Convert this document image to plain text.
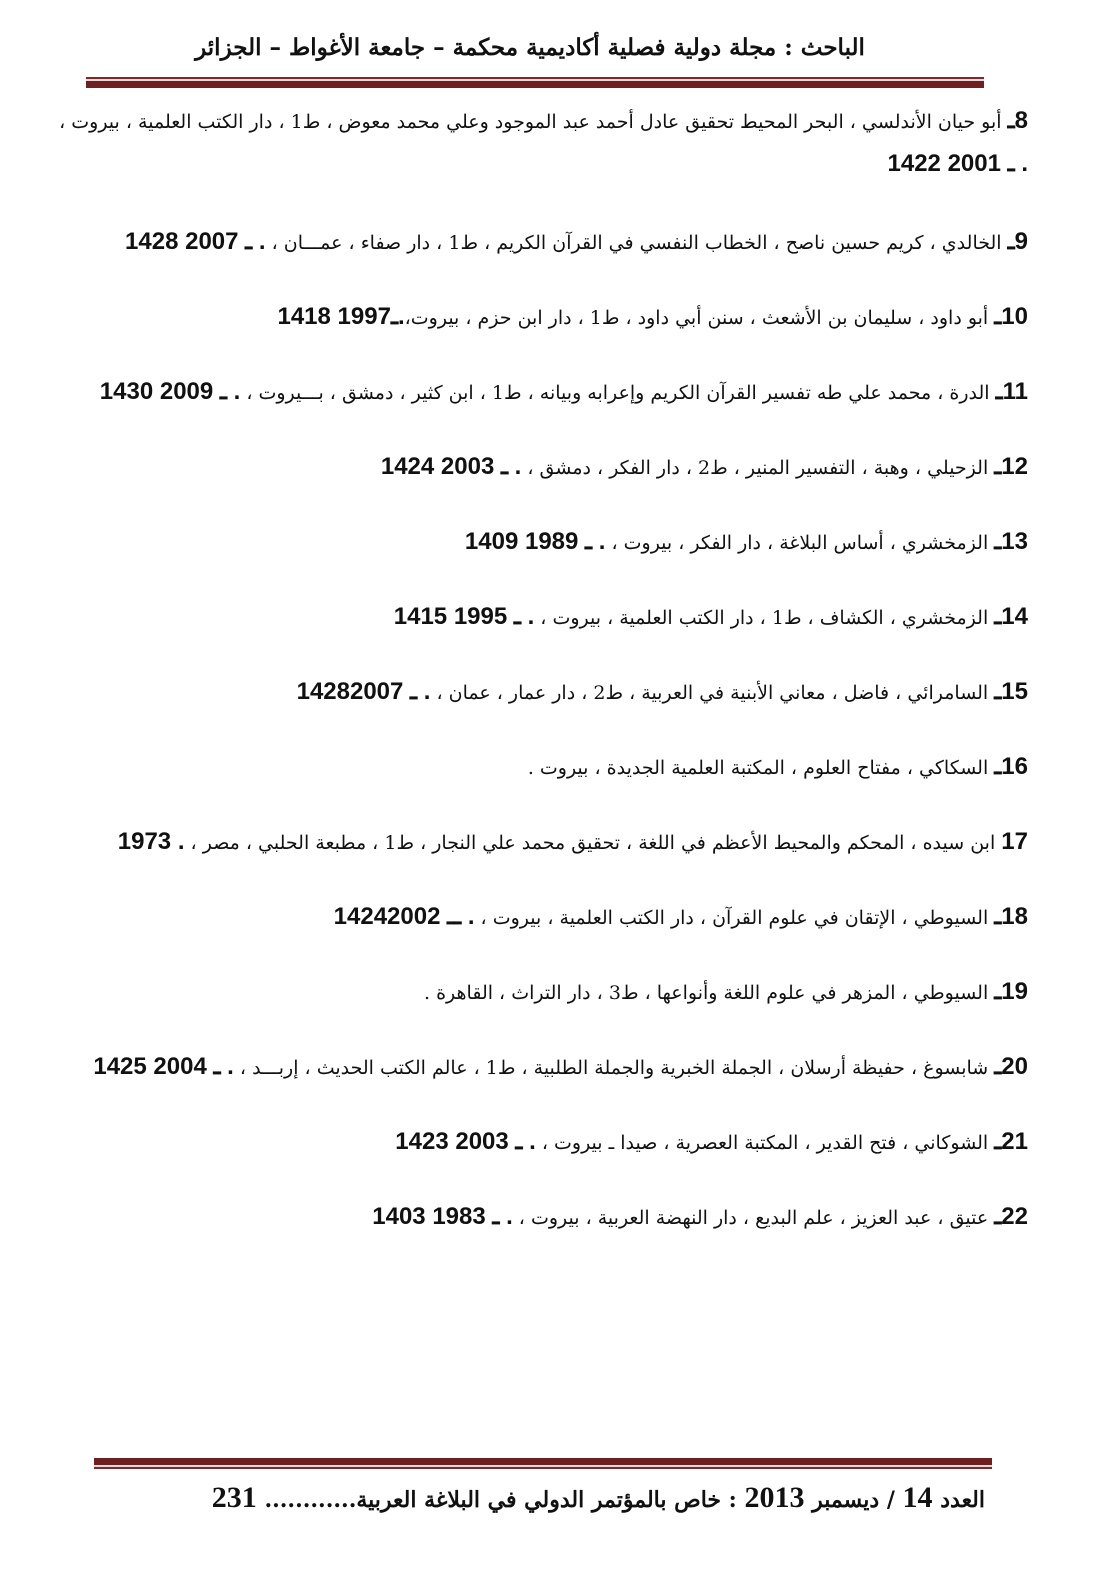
الباحث : مجلة دولية فصلية أكاديمية محكمة – جامعة الأغواط – الجزائر

8ـ أبو حيان الأندلسي ، البحر المحيط تحقيق عادل أحمد عبد الموجود وعلي محمد معوض ، ط1 ، دار الكتب العلمية ، بيروت ، 1422 ـ 2001 .

9ـ الخالدي ، كريم حسين ناصح ، الخطاب النفسي في القرآن الكريم ، ط1 ، دار صفاء ، عمـــان ، 1428 ـ 2007 .

10ـ أبو داود ، سليمان بن الأشعث ، سنن أبي داود ، ط1 ، دار ابن حزم ، بيروت،1418 ـ1997.

11ـ الدرة ، محمد علي طه تفسير القرآن الكريم وإعرابه وبيانه ، ط1 ، ابن كثير ، دمشق ، بـــيروت ، 1430 ـ 2009 .

12ـ الزحيلي ، وهبة ، التفسير المنير ، ط2 ، دار الفكر ، دمشق ، 1424 ـ 2003 .

13ـ الزمخشري ، أساس البلاغة ، دار الفكر ، بيروت ، 1409 ـ 1989 .

14ـ الزمخشري ، الكشاف ، ط1 ، دار الكتب العلمية ، بيروت ، 1415 ـ 1995 .

15ـ السامرائي ، فاضل ، معاني الأبنية في العربية ، ط2 ، دار عمار ، عمان ، 1428ـ 2007 .

16ـ السكاكي ، مفتاح العلوم ، المكتبة العلمية الجديدة ، بيروت .

17 ابن سيده ، المحكم والمحيط الأعظم في اللغة ، تحقيق محمد علي النجار ، ط1 ، مطبعة الحلبي ، مصر ، 1973 .

18ـ السيوطي ، الإتقان في علوم القرآن ، دار الكتب العلمية ، بيروت ، 1424ــ 2002 .

19ـ السيوطي ، المزهر في علوم اللغة وأنواعها ، ط3 ، دار التراث ، القاهرة .

20ـ شابسوغ ، حفيظة أرسلان ، الجملة الخبرية والجملة الطلبية ، ط1 ، عالم الكتب الحديث ، إربـــد ، 1425 ـ 2004 .

21ـ الشوكاني ، فتح القدير ، المكتبة العصرية ، صيدا ـ بيروت ، 1423 ـ 2003 .

22ـ عتيق ، عبد العزيز ، علم البديع ، دار النهضة العربية ، بيروت ، 1403 ـ 1983 .

العدد 14 / ديسمبر 2013 : خاص بالمؤتمر الدولي في البلاغة العربية............ 231
